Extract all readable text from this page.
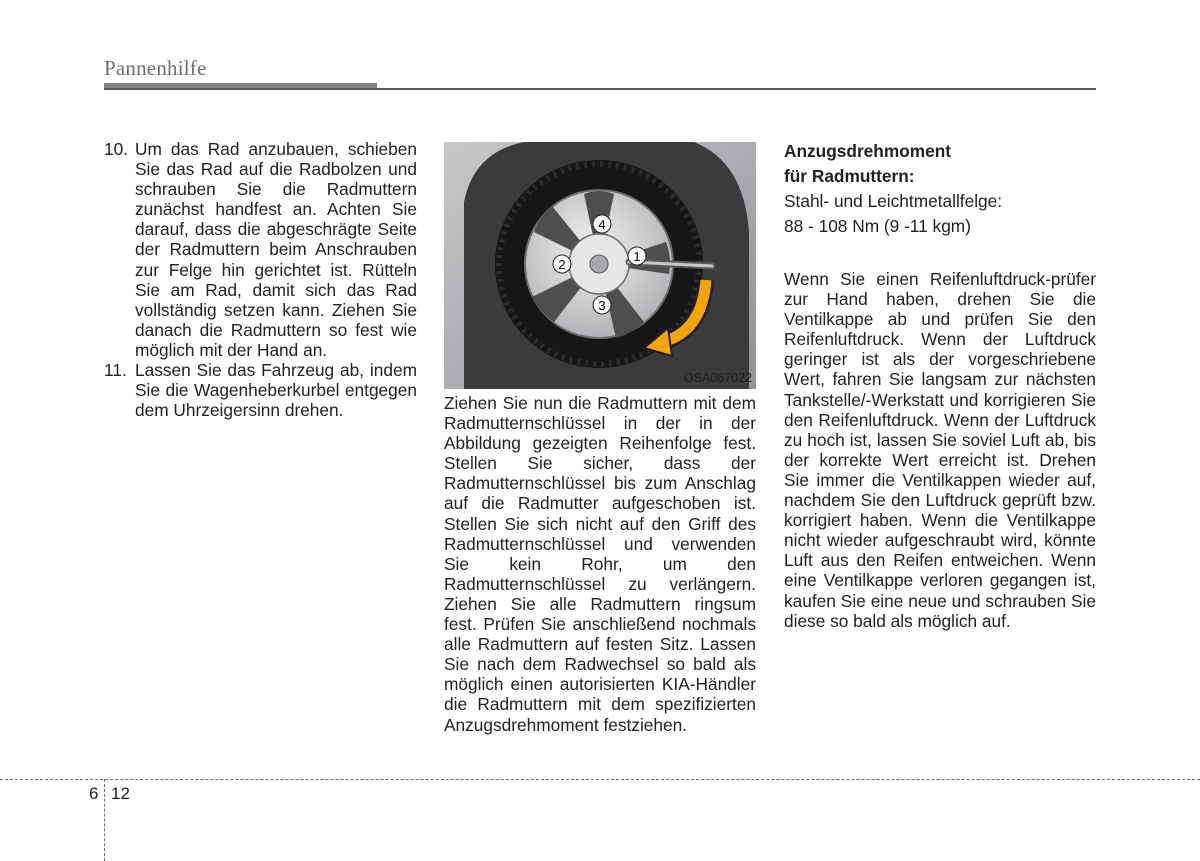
Pannenhilfe
10. Um das Rad anzubauen, schieben Sie das Rad auf die Radbolzen und schrauben Sie die Radmuttern zunächst handfest an. Achten Sie darauf, dass die abgeschrägte Seite der Radmuttern beim Anschrauben zur Felge hin gerichtet ist. Rütteln Sie am Rad, damit sich das Rad vollständig setzen kann. Ziehen Sie danach die Radmuttern so fest wie möglich mit der Hand an.
11. Lassen Sie das Fahrzeug ab, indem Sie die Wagenheberkurbel entgegen dem Uhrzeigersinn drehen.
1
2
3
4
OSA067022
Ziehen Sie nun die Radmuttern mit dem Radmutternschlüssel in der in der Abbildung gezeigten Reihenfolge fest. Stellen Sie sicher, dass der Radmutternschlüssel bis zum Anschlag auf die Radmutter aufgeschoben ist. Stellen Sie sich nicht auf den Griff des Radmutternschlüssel und verwenden Sie kein Rohr, um den Radmutternschlüssel zu verlängern. Ziehen Sie alle Radmuttern ringsum fest. Prüfen Sie anschließend nochmals alle Radmuttern auf festen Sitz. Lassen Sie nach dem Radwechsel so bald als möglich einen autorisierten KIA-Händler die Radmuttern mit dem spezifizierten Anzugsdrehmoment festziehen.
Anzugsdrehmoment
für Radmuttern:
Stahl- und Leichtmetallfelge:
88 - 108 Nm (9 -11 kgm)
Wenn Sie einen Reifenluftdruck-prüfer zur Hand haben, drehen Sie die Ventilkappe ab und prüfen Sie den Reifenluftdruck. Wenn der Luftdruck geringer ist als der vorgeschriebene Wert, fahren Sie langsam zur nächsten Tankstelle/-Werkstatt und korrigieren Sie den Reifenluftdruck. Wenn der Luftdruck zu hoch ist, lassen Sie soviel Luft ab, bis der korrekte Wert erreicht ist. Drehen Sie immer die Ventilkappen wieder auf, nachdem Sie den Luftdruck geprüft bzw. korrigiert haben. Wenn die Ventilkappe nicht wieder aufgeschraubt wird, könnte Luft aus den Reifen entweichen. Wenn eine Ventilkappe verloren gegangen ist, kaufen Sie eine neue und schrauben Sie diese so bald als möglich auf.
6 12
